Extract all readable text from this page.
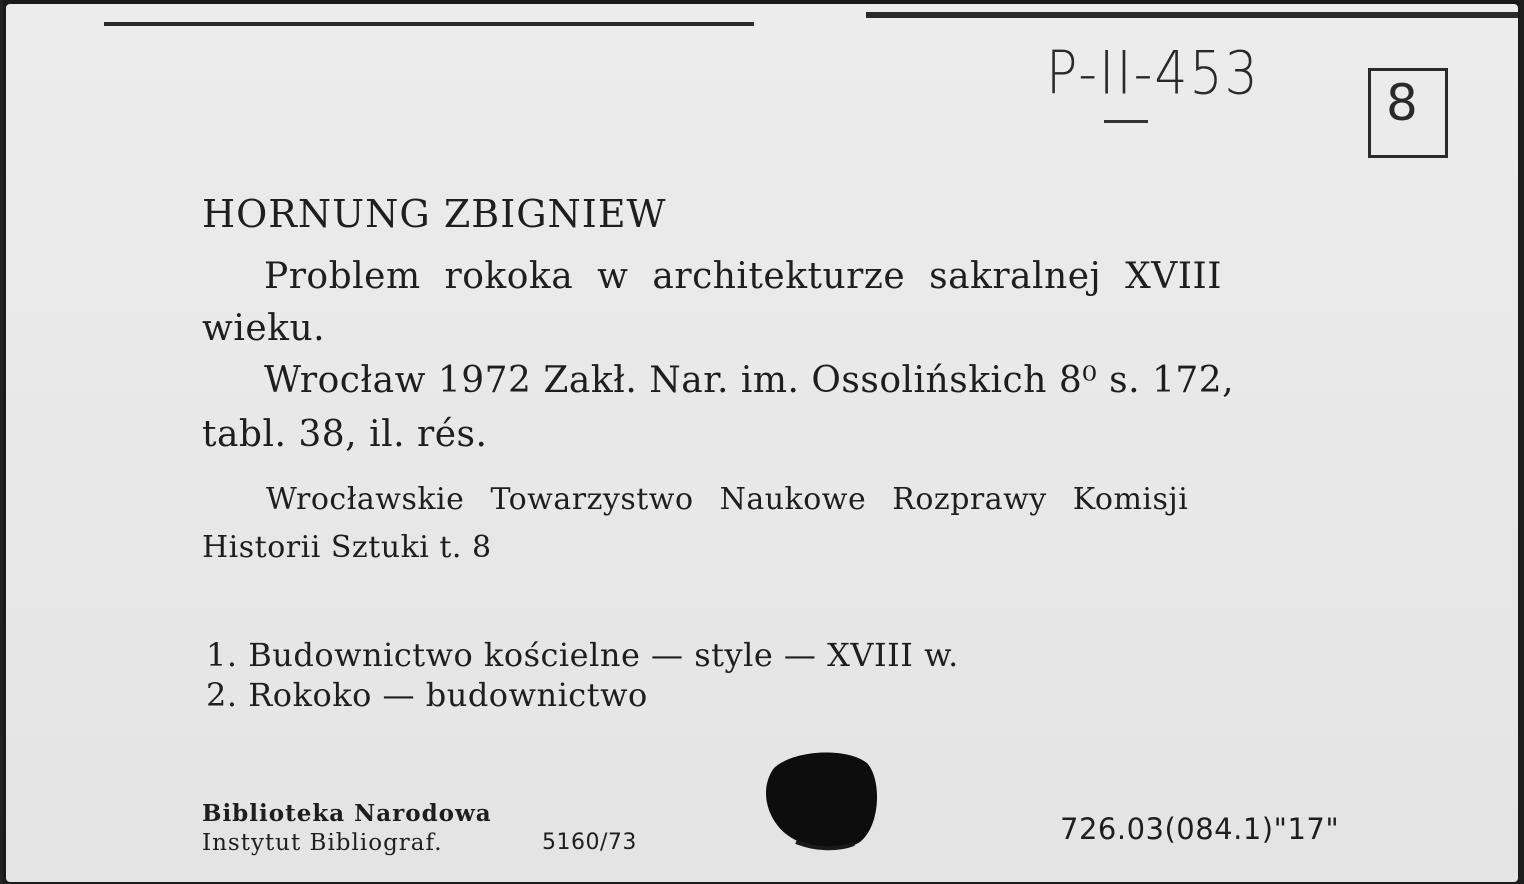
P-II-453	8
HORNUNG ZBIGNIEW
Problem rokoka w architekturze sakralnej XVIII
wieku.
Wrocław 1972 Zakł. Nar. im. Ossolińskich 8⁰ s. 172,
tabl. 38, il. rés.
Wrocławskie Towarzystwo Naukowe Rozprawy Komisji
Historii Sztuki t. 8
1. Budownictwo kościelne — style — XVIII w.
2. Rokoko — budownictwo
Biblioteka Narodowa
Instytut Bibliograf.	5160/73	726.03(084.1)"17"
